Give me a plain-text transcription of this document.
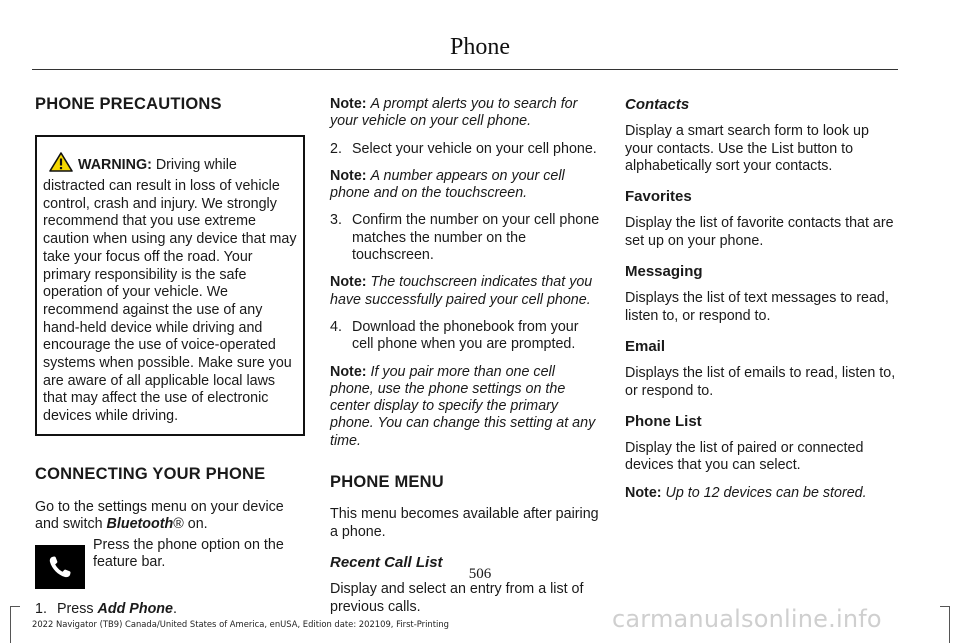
Phone
PHONE PRECAUTIONS
WARNING: Driving while distracted can result in loss of vehicle control, crash and injury. We strongly recommend that you use extreme caution when using any device that may take your focus off the road. Your primary responsibility is the safe operation of your vehicle. We recommend against the use of any hand-held device while driving and encourage the use of voice-operated systems when possible. Make sure you are aware of all applicable local laws that may affect the use of electronic devices while driving.
CONNECTING YOUR PHONE

Go to the settings menu on your device and switch Bluetooth® on.

Press the phone option on the feature bar.

1. Press Add Phone.

Note: A prompt alerts you to search for your vehicle on your cell phone.

2. Select your vehicle on your cell phone.

Note: A number appears on your cell phone and on the touchscreen.

3. Confirm the number on your cell phone matches the number on the touchscreen.

Note: The touchscreen indicates that you have successfully paired your cell phone.

4. Download the phonebook from your cell phone when you are prompted.

Note: If you pair more than one cell phone, use the phone settings on the center display to specify the primary phone. You can change this setting at any time.

PHONE MENU

This menu becomes available after pairing a phone.

Recent Call List

Display and select an entry from a list of previous calls.

Contacts

Display a smart search form to look up your contacts. Use the List button to alphabetically sort your contacts.

Favorites

Display the list of favorite contacts that are set up on your phone.

Messaging

Displays the list of text messages to read, listen to, or respond to.

Email

Displays the list of emails to read, listen to, or respond to.

Phone List

Display the list of paired or connected devices that you can select.

Note: Up to 12 devices can be stored.

506
2022 Navigator (TB9) Canada/United States of America, enUSA, Edition date: 202109, First-Printing	carmanualsonline.info
